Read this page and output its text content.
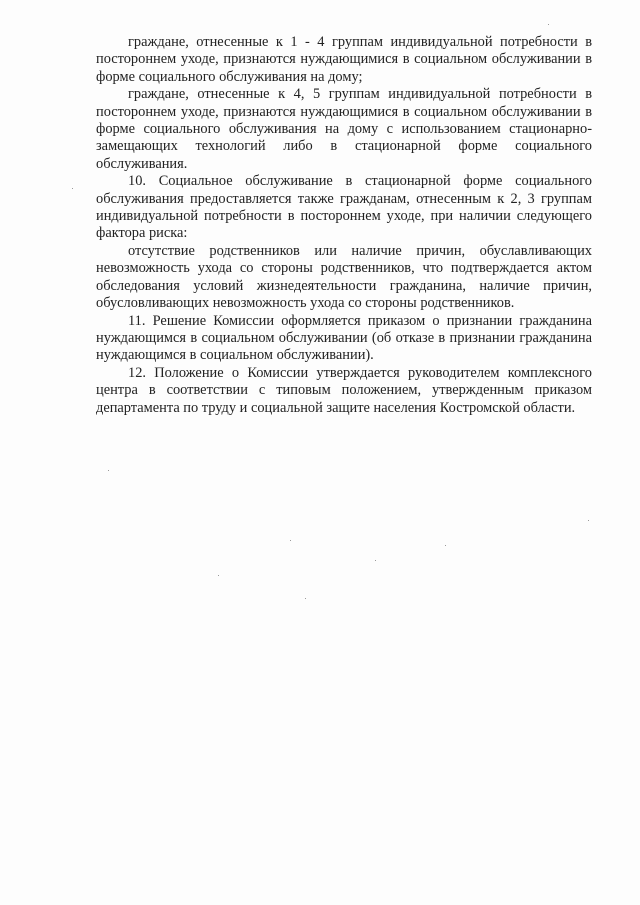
граждане, отнесенные к 1 - 4 группам индивидуальной потребности в постороннем уходе, признаются нуждающимися в социальном обслуживании в форме социального обслуживания на дому;

граждане, отнесенные к 4, 5 группам индивидуальной потребности в постороннем уходе, признаются нуждающимися в социальном обслуживании в форме социального обслуживания на дому с использованием стационарно-замещающих технологий либо в стационарной форме социального обслуживания.

10. Социальное обслуживание в стационарной форме социального обслуживания предоставляется также гражданам, отнесенным к 2, 3 группам индивидуальной потребности в постороннем уходе, при наличии следующего фактора риска:

отсутствие родственников или наличие причин, обуславливающих невозможность ухода со стороны родственников, что подтверждается актом обследования условий жизнедеятельности гражданина, наличие причин, обусловливающих невозможность ухода со стороны родственников.

11. Решение Комиссии оформляется приказом о признании гражданина нуждающимся в социальном обслуживании (об отказе в признании гражданина нуждающимся в социальном обслуживании).

12. Положение о Комиссии утверждается руководителем комплексного центра в соответствии с типовым положением, утвержденным приказом департамента по труду и социальной защите населения Костромской области.
